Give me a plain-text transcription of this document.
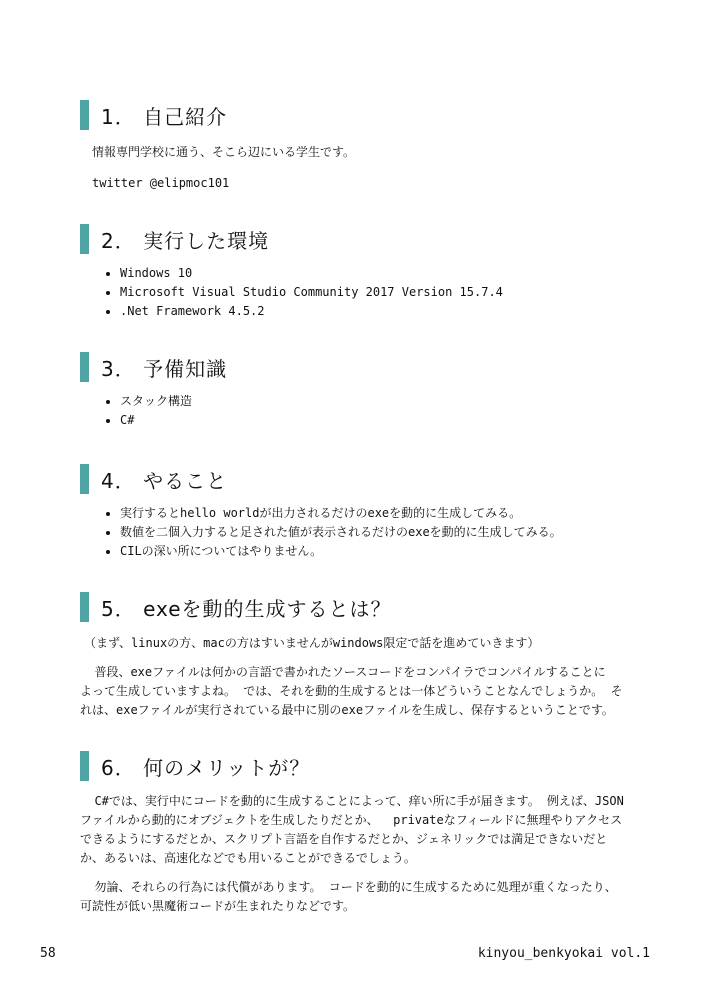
1． 自己紹介

情報専門学校に通う、そこら辺にいる学生です。

twitter @elipmoc101

2． 実行した環境
• Windows 10
• Microsoft Visual Studio Community 2017 Version 15.7.4
• .Net Framework 4.5.2
3． 予備知識
• スタック構造
• C#
4． やること
• 実行するとhello worldが出力されるだけのexeを動的に生成してみる。
• 数値を二個入力すると足された値が表示されるだけのexeを動的に生成してみる。
• CILの深い所についてはやりません。
5． exeを動的生成するとは？

（まず、linuxの方、macの方はすいませんがwindows限定で話を進めていきます）

普段、exeファイルは何かの言語で書かれたソースコードをコンパイラでコンパイルすることに
よって生成していますよね。 では、それを動的生成するとは一体どういうことなんでしょうか。 そ
れは、exeファイルが実行されている最中に別のexeファイルを生成し、保存するということです。

6． 何のメリットが？

C#では、実行中にコードを動的に生成することによって、痒い所に手が届きます。 例えば、JSON
ファイルから動的にオブジェクトを生成したりだとか、  privateなフィールドに無理やりアクセス
できるようにするだとか、スクリプト言語を自作するだとか、ジェネリックでは満足できないだと
か、あるいは、高速化などでも用いることができるでしょう。

勿論、それらの行為には代償があります。 コードを動的に生成するために処理が重くなったり、
可読性が低い黒魔術コードが生まれたりなどです。

58	kinyou_benkyokai vol.1
